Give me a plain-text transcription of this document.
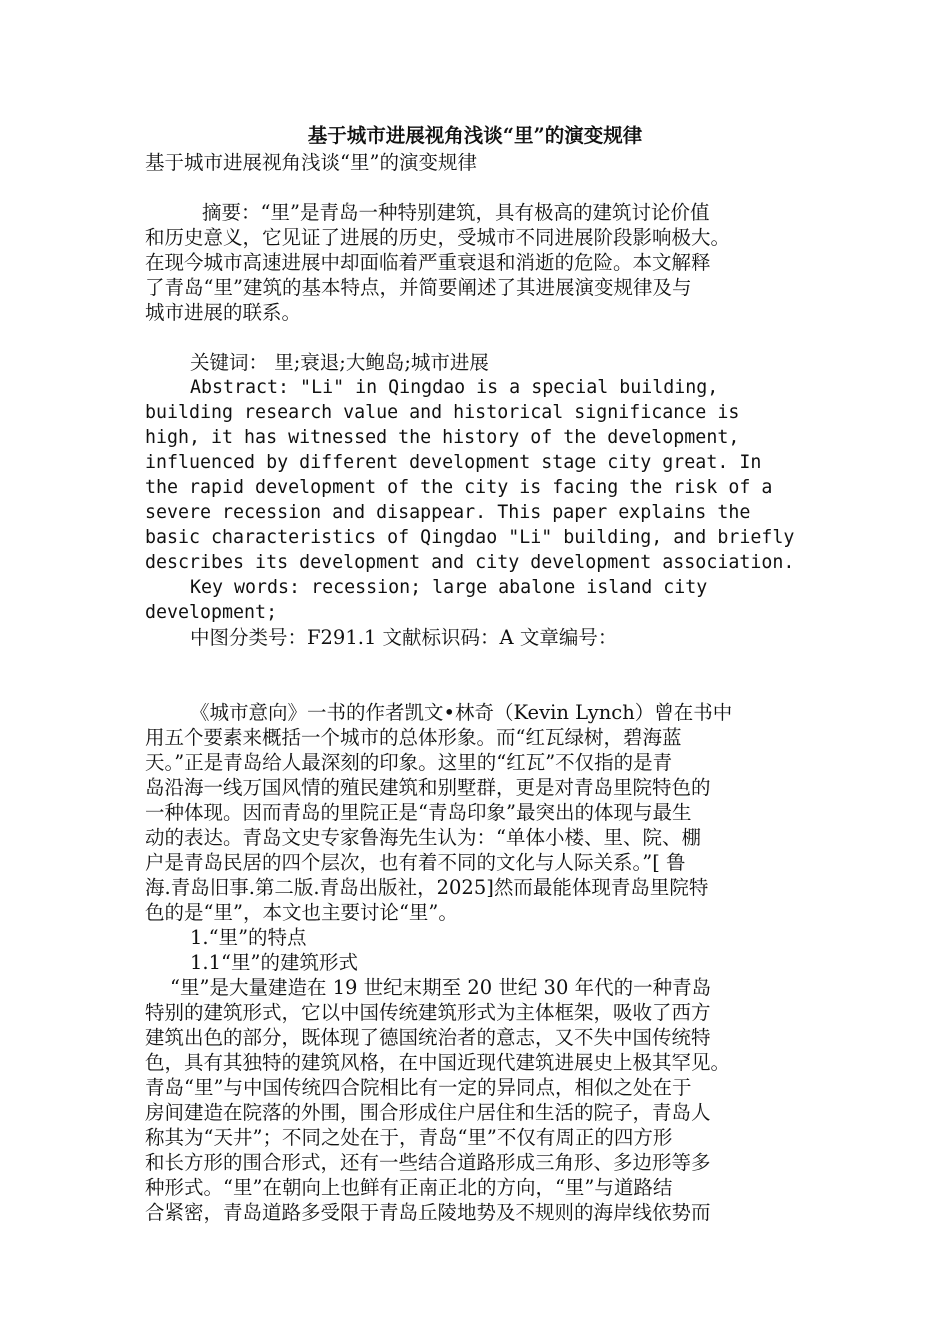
基于城市进展视角浅谈“里”的演变规律
基于城市进展视角浅谈“里”的演变规律
摘要：“里”是青岛一种特别建筑，具有极高的建筑讨论价值
和历史意义，它见证了进展的历史，受城市不同进展阶段影响极大。
在现今城市高速进展中却面临着严重衰退和消逝的危险。本文解释
了青岛“里”建筑的基本特点，并简要阐述了其进展演变规律及与
城市进展的联系。
关键词： 里;衰退;大鲍岛;城市进展
Abstract: "Li" in Qingdao is a special building,
building research value and historical significance is
high, it has witnessed the history of the development,
influenced by different development stage city great. In
the rapid development of the city is facing the risk of a
severe recession and disappear. This paper explains the
basic characteristics of Qingdao "Li" building, and briefly
describes its development and city development association.
Key words: recession; large abalone island city
development;
中图分类号：F291.1 文献标识码：A 文章编号：
《城市意向》一书的作者凯文•林奇（Kevin Lynch）曾在书中
用五个要素来概括一个城市的总体形象。而“红瓦绿树，碧海蓝
天。”正是青岛给人最深刻的印象。这里的“红瓦”不仅指的是青
岛沿海一线万国风情的殖民建筑和别墅群，更是对青岛里院特色的
一种体现。因而青岛的里院正是“青岛印象”最突出的体现与最生
动的表达。青岛文史专家鲁海先生认为：“单体小楼、里、院、棚
户是青岛民居的四个层次，也有着不同的文化与人际关系。”[ 鲁
海.青岛旧事.第二版.青岛出版社，2025]然而最能体现青岛里院特
色的是“里”，本文也主要讨论“里”。
1.“里”的特点
1.1“里”的建筑形式
“里”是大量建造在 19 世纪末期至 20 世纪 30 年代的一种青岛
特别的建筑形式，它以中国传统建筑形式为主体框架，吸收了西方
建筑出色的部分，既体现了德国统治者的意志，又不失中国传统特
色，具有其独特的建筑风格，在中国近现代建筑进展史上极其罕见。
青岛“里”与中国传统四合院相比有一定的异同点，相似之处在于
房间建造在院落的外围，围合形成住户居住和生活的院子，青岛人
称其为“天井”；不同之处在于，青岛“里”不仅有周正的四方形
和长方形的围合形式，还有一些结合道路形成三角形、多边形等多
种形式。“里”在朝向上也鲜有正南正北的方向，“里”与道路结
合紧密，青岛道路多受限于青岛丘陵地势及不规则的海岸线依势而
